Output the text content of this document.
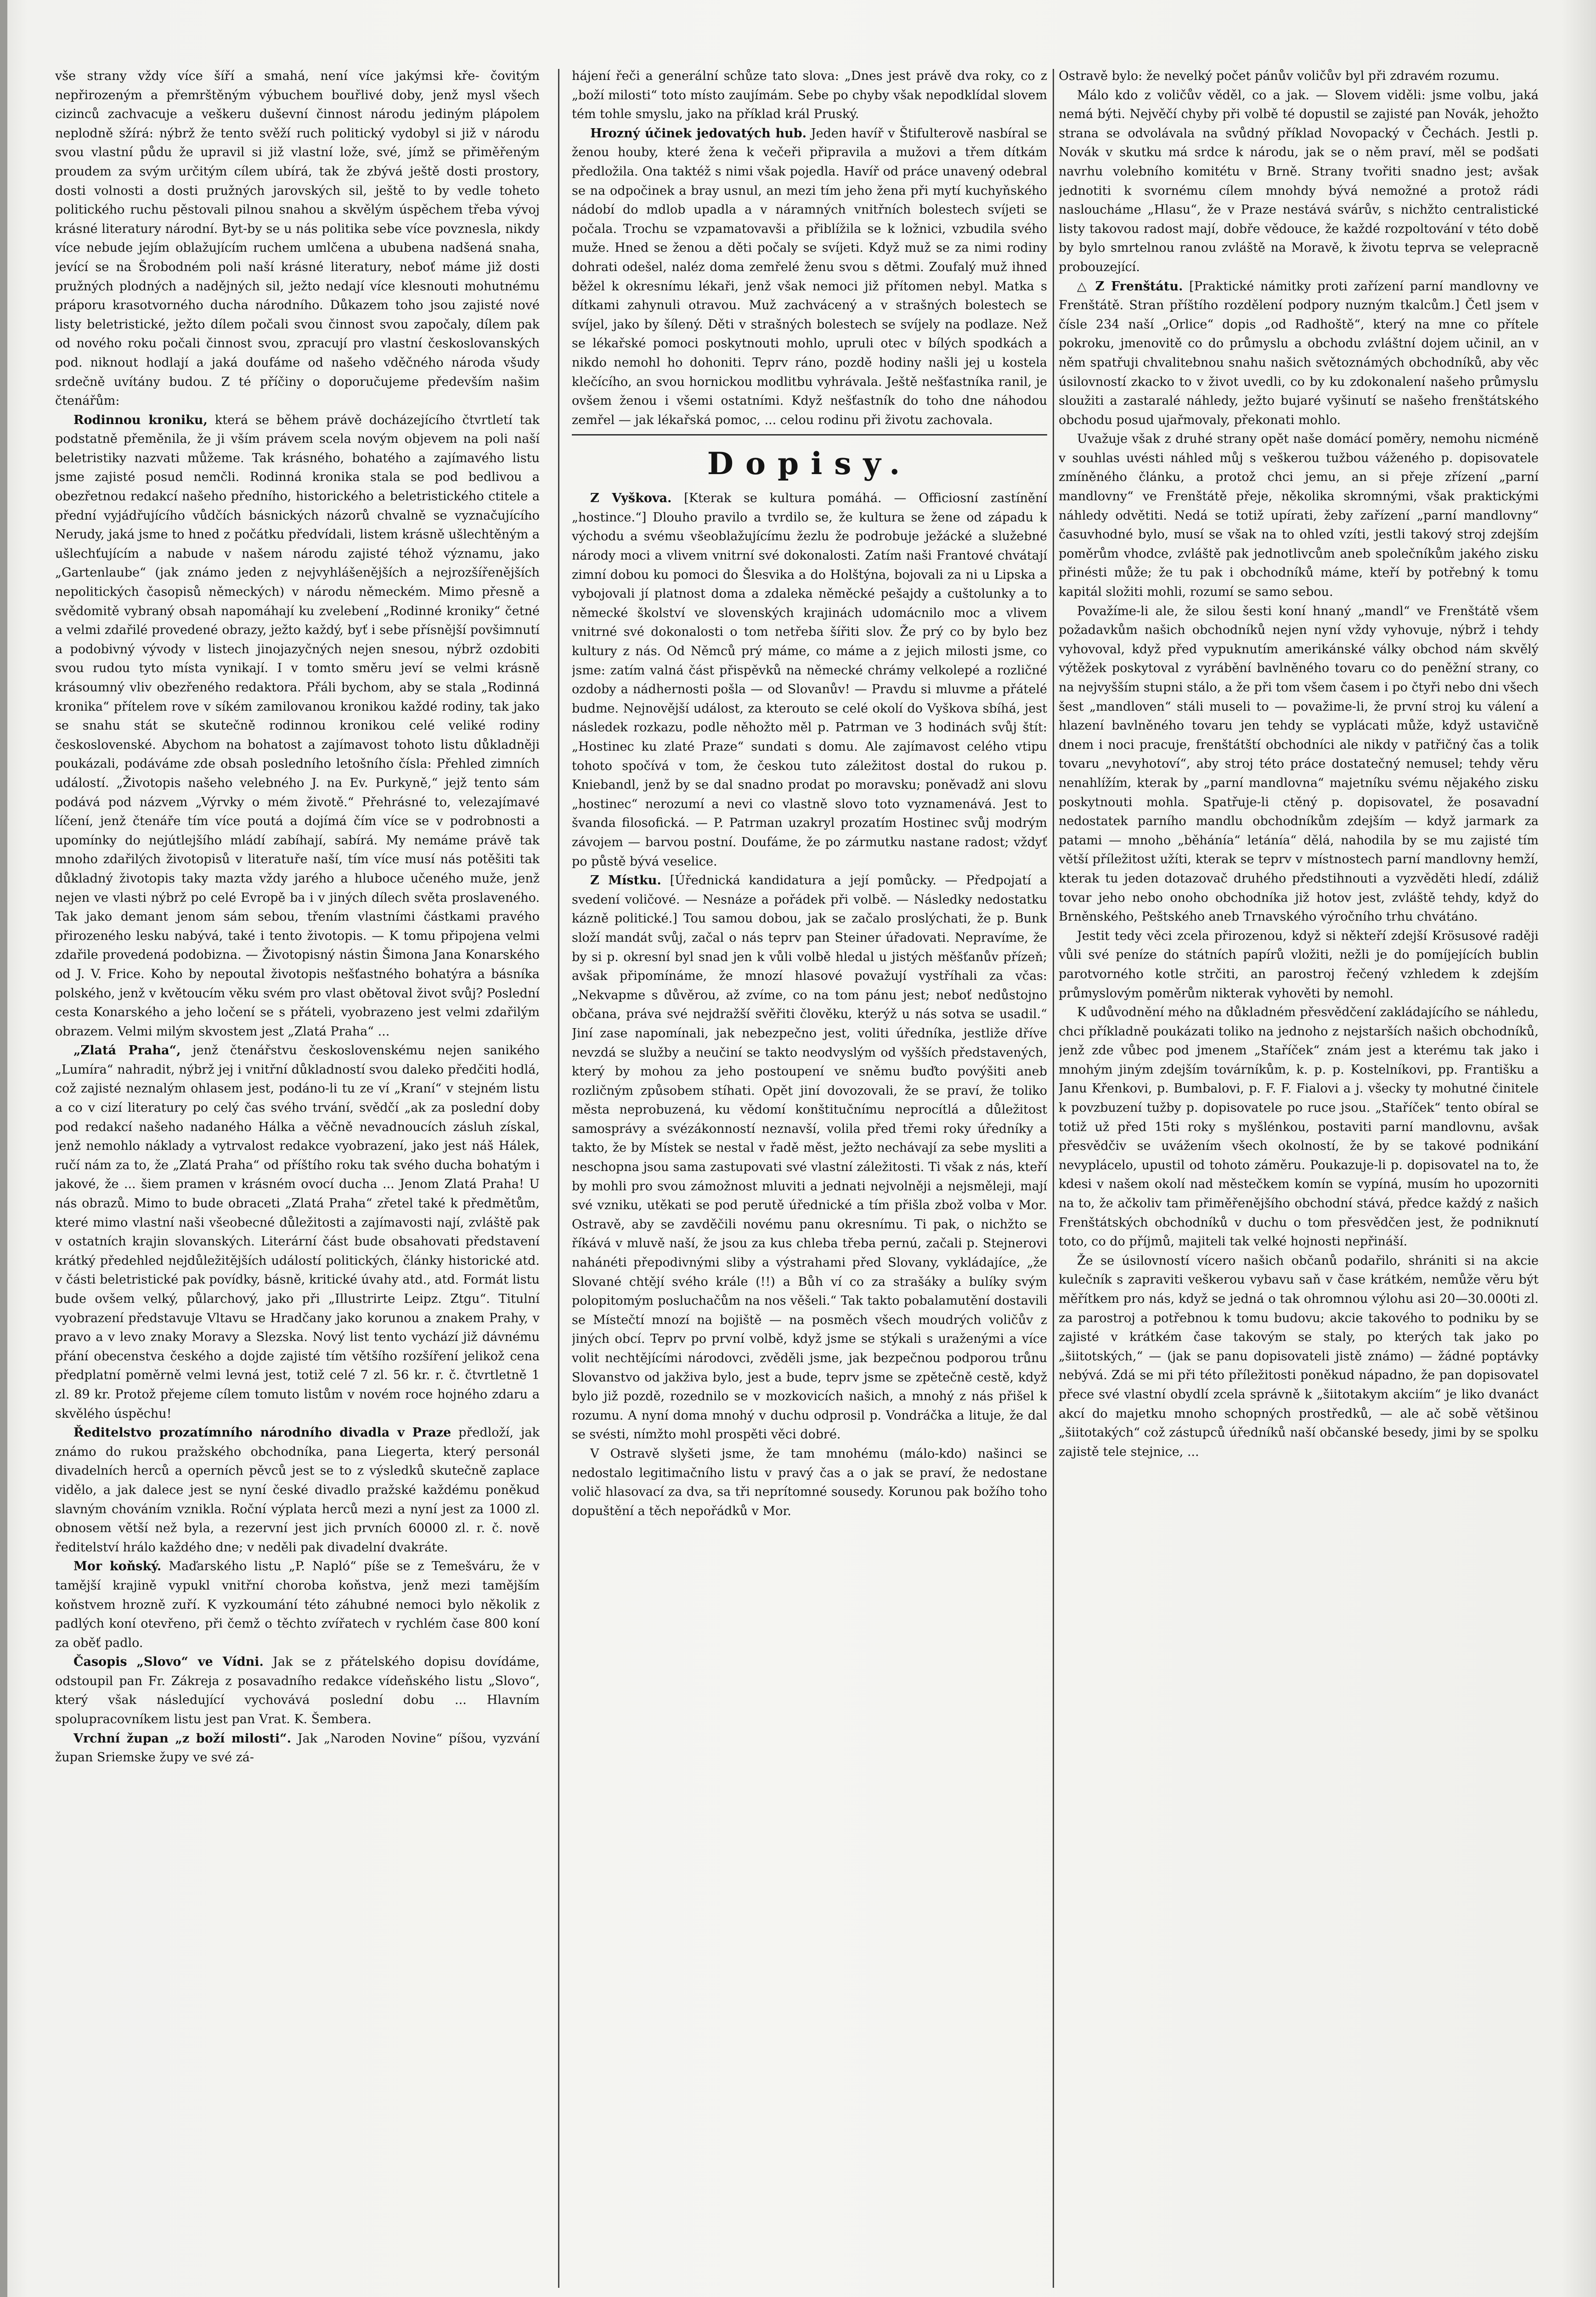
vše strany vždy více šíří a smahá, není více jakýmsi kře‑ čovitým nepřirozeným a přemrštěným výbuchem bouřlivé doby, jenž mysl všech cizinců zachvacuje a veškeru duševní činnost národu jediným plápolem neplodně sžírá: nýbrž že tento svěží ruch politický vydobyl si již v národu svou vlastní půdu že upravil si již vlastní lože, své, jímž se přiměřeným proudem za svým určitým cílem ubírá, tak že zbývá ještě dosti prostory, dosti volnosti a dosti pružných jarovských sil, ještě to by vedle toheto politického ruchu pěstovali pilnou snahou a skvělým úspěchem třeba vývoj krásné literatury národní. Byt-by se u nás politika sebe více povznesla, nikdy více nebude jejím oblažujícím ruchem umlčena a ububena nadšená snaha, jevící se na Šrobodném poli naší krásné literatury, neboť máme již dosti pružných plodných a nadějných sil, ježto nedají více klesnouti mohutnému práporu krasotvorného ducha národního. Důkazem toho jsou zajisté nové listy beletristické, ježto dílem počali svou činnost svou započaly, dílem pak od nového roku počali činnost svou, zpracují pro vlastní českoslovanských pod. niknout hodlají a jaká doufáme od našeho vděčného národa všudy srdečně uvítány budou. Z té příčiny o doporučujeme především našim čtenářům:

Rodinnou kroniku, která se během právě docházejícího čtvrtletí tak podstatně přeměnila, že ji vším právem scela novým objevem na poli naší beletristiky nazvati můžeme. Tak krásného, bohatého a zajímavého listu jsme zajisté posud nemčli. Rodinná kronika stala se pod bedlivou a obezřetnou redakcí našeho předního, historického a beletristického ctitele a přední vyjádřujícího vůdčích básnických názorů chvalně se vyznačujícího Nerudy, jaká jsme to hned z počátku předvídali, listem krásně ušlechtěným a ušlechťujícím a nabude v našem národu zajisté téhož významu, jako „Gartenlaube“ (jak známo jeden z nejvyhlášenějších a nejrozšířenějších nepolitických časopisů německých) v národu německém. Mimo přesně a svědomitě vybraný obsah napomáhají ku zvelebení „Rodinné kroniky“ četné a velmi zdařilé provedené obrazy, ježto každý, byť i sebe přísnější povšimnutí a podobivný vývody v listech jinojazyčných nejen snesou, nýbrž ozdobiti svou rudou tyto místa vynikají. I v tomto směru jeví se velmi krásně krásoumný vliv obezřeného redaktora. Přáli bychom, aby se stala „Rodinná kronika“ přítelem rove v síkém zamilovanou kronikou každé rodiny, tak jako se snahu stát se skutečně rodinnou kronikou celé veliké rodiny československé. Abychom na bohatost a zajímavost tohoto listu důkladněji poukázali, podáváme zde obsah posledního letošního čísla: Přehled zimních událostí. „Životopis našeho velebného J. na Ev. Purkyně,“ jejž tento sám podává pod názvem „Výrvky o mém životě.“ Přehrásné to, velezajímavé líčení, jenž čtenáře tím více poutá a dojímá čím více se v podrobnosti a upomínky do nejútlejšího mládí zabíhají, sabírá. My nemáme právě tak mnoho zdařilých životopisů v literatuře naší, tím více musí nás potěšiti tak důkladný životopis taky mazta vždy jarého a hluboce učeného muže, jenž nejen ve vlasti nýbrž po celé Evropě ba i v jiných dílech světa proslaveného. Tak jako demant jenom sám sebou, třením vlastními částkami pravého přirozeného lesku nabývá, také i tento životopis. — K tomu připojena velmi zdařile provedená podobizna. — Životopisný nástin Šimona Jana Konarského od J. V. Frice. Koho by nepoutal životopis nešťastného bohatýra a básníka polského, jenž v květoucím věku svém pro vlast obětoval život svůj? Poslední cesta Konarského a jeho ločení se s přáteli, vyobrazeno jest velmi zdařilým obrazem. Velmi milým skvostem jest „Zlatá Praha“ ...

„Zlatá Praha“, jenž čtenářstvu československému nejen sanikého „Lumíra“ nahradit, nýbrž jej i vnitřní důkladností svou daleko předčiti hodlá, což zajisté neznalým ohlasem jest, podáno-li tu ze ví „Kraní“ v stejném listu a co v cizí literatury po celý čas svého trvání, svědčí „ak za poslední doby pod redakcí našeho nadaného Hálka a věčně nevadnoucích zásluh získal, jenž nemohlo náklady a vytrvalost redakce vyobrazení, jako jest náš Hálek, ručí nám za to, že „Zlatá Praha“ od příštího roku tak svého ducha bohatým i jakové, že ... šiem pramen v krásném ovocí ducha ... Jenom Zlatá Praha! U nás obrazů. Mimo to bude obraceti „Zlatá Praha“ zřetel také k předmětům, které mimo vlastní naši všeobecné důležitosti a zajímavosti nají, zvláště pak v ostatních krajin slovanských. Literární část bude obsahovati představení krátký předehled nejdůležitějších událostí politických, články historické atd. v části beletristické pak povídky, básně, kritické úvahy atd., atd. Formát listu bude ovšem velký, půlarchový, jako při „Illustrirte Leipz. Ztgu“. Titulní vyobrazení představuje Vltavu se Hradčany jako korunou a znakem Prahy, v pravo a v levo znaky Moravy a Slezska. Nový list tento vychází již dávnému přání obecenstva českého a dojde zajisté tím většího rozšíření jelikož cena předplatní poměrně velmi levná jest, totiž celé 7 zl. 56 kr. r. č. čtvrtletně 1 zl. 89 kr. Protož přejeme cílem tomuto listům v novém roce hojného zdaru a skvělého úspěchu!

Ředitelstvo prozatímního národního divadla v Praze předloží, jak známo do rukou pražského obchodníka, pana Liegerta, který personál divadelních herců a operních pěvců jest se to z výsledků skutečně zaplace vidělo, a jak dalece jest se nyní české divadlo pražské každému poněkud slavným chováním vznikla. Roční výplata herců mezi a nyní jest za 1000 zl. obnosem větší než byla, a rezervní jest jich prvních 60000 zl. r. č. nově ředitelství hrálo každého dne; v neděli pak divadelní dvakráte.

Mor koňský. Maďarského listu „P. Napló“ píše se z Temešváru, že v tamější krajině vypukl vnitřní choroba koňstva, jenž mezi tamějším koňstvem hrozně zuří. K vyzkoumání této záhubné nemoci bylo několik z padlých koní otevřeno, při čemž o těchto zvířatech v rychlém čase 800 koní za oběť padlo.

Časopis „Slovo“ ve Vídni. Jak se z přátelského dopisu dovídáme, odstoupil pan Fr. Zákreja z posavadního redakce vídeňského listu „Slovo“, který však následující vychovává poslední dobu ... Hlavním spolupracovníkem listu jest pan Vrat. K. Šembera.

Vrchní župan „z boží milosti“. Jak „Naroden Novine“ píšou, vyzvání župan Sriemske župy ve své zá‑

hájení řeči a generální schůze tato slova: „Dnes jest právě dva roky, co z „boží milosti“ toto místo zaujímám. Sebe po chyby však nepodklídal slovem tém tohle smyslu, jako na příklad král Pruský.

Hrozný účinek jedovatých hub. Jeden havíř v Štifulterově nasbíral se ženou houby, které žena k večeři připravila a mužovi a třem dítkám předložila. Ona taktéž s nimi však pojedla. Havíř od práce unavený odebral se na odpočinek a bray usnul, an mezi tím jeho žena při mytí kuchyňského nádobí do mdlob upadla a v náramných vnitřních bolestech svíjeti se počala. Trochu se vzpamatovavši a přiblížila se k ložnici, vzbudila svého muže. Hned se ženou a děti počaly se svíjeti. Když muž se za nimi rodiny dohrati odešel, naléz doma zemřelé ženu svou s dětmi. Zoufalý muž ihned běžel k okresnímu lékaři, jenž však nemoci již přítomen nebyl. Matka s dítkami zahynuli otravou. Muž zachvácený a v strašných bolestech se svíjel, jako by šílený. Děti v strašných bolestech se svíjely na podlaze. Než se lékařské pomoci poskytnouti mohlo, upruli otec v bílých spodkách a nikdo nemohl ho dohoniti. Teprv ráno, pozdě hodiny našli jej u kostela klečícího, an svou hornickou modlitbu vyhrávala. Ještě nešťastníka ranil, je ovšem ženou i všemi ostatními. Když nešťastník do toho dne náhodou zemřel — jak lékařská pomoc, ... celou rodinu při životu zachovala.

Dopisy.

Z Vyškova. [Kterak se kultura pomáhá. — Officiosní zastínění „hostince.“] Dlouho pravilo a tvrdilo se, že kultura se žene od západu k východu a svému všeoblažujícímu žezlu že podrobuje ježácké a služebné národy moci a vlivem vnitrní své dokonalosti. Zatím naši Frantové chvátají zimní dobou ku pomoci do Šlesvika a do Holštýna, bojovali za ni u Lipska a vybojovali jí platnost doma a zdaleka něměcké pešajdy a cuštolunky a to německé školství ve slovenských krajinách udomácnilo moc a vlivem vnitrné své dokonalosti o tom netřeba šířiti slov. Že prý co by bylo bez kultury z nás. Od Němců prý máme, co máme a z jejich milosti jsme, co jsme: zatím valná část přispěvků na německé chrámy velkolepé a rozličné ozdoby a nádhernosti pošla — od Slovanův! — Pravdu si mluvme a přátelé budme. Nejnovější událost, za kterouto se celé okolí do Vyškova sbíhá, jest následek rozkazu, podle něhožto měl p. Patrman ve 3 hodinách svůj štít: „Hostinec ku zlaté Praze“ sundati s domu. Ale zajímavost celého vtipu tohoto spočívá v tom, že českou tuto záležitost dostal do rukou p. Kniebandl, jenž by se dal snadno prodat po moravsku; poněvadž ani slovu „hostinec“ nerozumí a nevi co vlastně slovo toto vyznamenává. Jest to švanda filosofická. — P. Patrman uzakryl prozatím Hostinec svůj modrým závojem — barvou postní. Doufáme, že po zármutku nastane radost; vždyť po půstě bývá veselice.

Z Místku. [Úřednická kandidatura a její pomůcky. — Předpojatí a svedení voličové. — Nesnáze a pořádek při volbě. — Následky nedostatku kázně politické.] Tou samou dobou, jak se začalo proslýchati, že p. Bunk složí mandát svůj, začal o nás teprv pan Steiner úřadovati. Nepravíme, že by si p. okresní byl snad jen k vůli volbě hledal u jistých měšťanův přízeň; avšak připomínáme, že mnozí hlasové považují vystříhali za včas: „Nekvapme s důvěrou, až zvíme, co na tom pánu jest; neboť nedůstojno občana, práva své nejdražší svěřiti člověku, kterýž u nás sotva se usadil.“ Jiní zase napomínali, jak nebezpečno jest, voliti úředníka, jestliže dříve nevzdá se služby a neučiní se takto neodvyslým od vyšších představených, který by mohou za jeho postoupení ve sněmu buďto povýšiti aneb rozličným způsobem stíhati. Opět jiní dovozovali, že se praví, že toliko města neprobuzená, ku vědomí konštitučnímu neprocítlá a důležitost samosprávy a svézákonností neznavší, volila před třemi roky úředníky a takto, že by Místek se nestal v řadě měst, ježto nechávají za sebe mysliti a neschopna jsou sama zastupovati své vlastní záležitosti. Ti však z nás, kteří by mohli pro svou zámožnost mluviti a jednati nejvolněji a nejsměleji, mají své vzniku, utěkati se pod perutě úřednické a tím přišla zbož volba v Mor. Ostravě, aby se zavděčili novému panu okresnímu. Ti pak, o nichžto se říkává v mluvě naší, že jsou za kus chleba třeba pernú, začali p. Stejnerovi nahánéti přepodivnými sliby a výstrahami před Slovany, vykládajíce, „že Slované chtějí svého krále (!!) a Bůh ví co za strašáky a bulíky svým polopitomým posluchačům na nos věšeli.“ Tak takto pobalamutění dostavili se Místečtí mnozí na bojiště — na posměch všech moudrých voličův z jiných obcí. Teprv po první volbě, když jsme se stýkali s uraženými a více volit nechtějícími národovci, zvěděli jsme, jak bezpečnou podporou trůnu Slovanstvo od jakživa bylo, jest a bude, teprv jsme se zpětečně cestě, když bylo již pozdě, rozednilo se v mozkovicích našich, a mnohý z nás přišel k rozumu. A nyní doma mnohý v duchu odprosil p. Vondráčka a lituje, že dal se svésti, nímžto mohl prospěti věci dobré.

V Ostravě slyšeti jsme, že tam mnohému (málo-kdo) našinci se nedostalo legitimačního listu v pravý čas a o jak se praví, že nedostane volič hlasovací za dva, sa tři neprítomné sousedy. Korunou pak božího toho dopuštění a těch nepořádků v Mor.

Ostravě bylo: že nevelký počet pánův voličův byl při zdravém rozumu.

Málo kdo z voličův věděl, co a jak. — Slovem viděli: jsme volbu, jaká nemá býti. Nejvěčí chyby při volbě té dopustil se zajisté pan Novák, jehožto strana se odvolávala na svůdný příklad Novopacký v Čechách. Jestli p. Novák v skutku má srdce k národu, jak se o něm praví, měl se podšati navrhu volebního komitétu v Brně. Strany tvořiti snadno jest; avšak jednotiti k svornému cílem mnohdy bývá nemožné a protož rádi nasloucháme „Hlasu“, že v Praze nestává svárův, s nichžto centralistické listy takovou radost mají, dobře vědouce, že každé rozpoltování v této době by bylo smrtelnou ranou zvláště na Moravě, k životu teprva se velepracně probouzející.

△ Z Frenštátu. [Praktické námitky proti zařízení parní mandlovny ve Frenštátě. Stran příštího rozdělení podpory nuzným tkalcům.] Četl jsem v čísle 234 naší „Orlice“ dopis „od Radhoště“, který na mne co přítele pokroku, jmenovitě co do průmyslu a obchodu zvláštní dojem učinil, an v něm spatřuji chvalitebnou snahu našich světoznámých obchodníků, aby věc úsilovností zkacko to v život uvedli, co by ku zdokonalení našeho průmyslu sloužiti a zastaralé náhledy, ježto bujaré vyšinutí se našeho frenštátského obchodu posud ujařmovaly, překonati mohlo.

Uvažuje však z druhé strany opět naše domácí poměry, nemohu nicméně v souhlas uvésti náhled můj s veškerou tužbou váženého p. dopisovatele zmíněného článku, a protož chci jemu, an si přeje zřízení „parní mandlovny“ ve Frenštátě přeje, několika skromnými, však praktickými náhledy odvětiti. Nedá se totiž upírati, žeby zařízení „parní mandlovny“ časuvhodné bylo, musí se však na to ohled vzíti, jestli takový stroj zdejším poměrům vhodce, zvláště pak jednotlivcům aneb společníkům jakého zisku přinésti může; že tu pak i obchodníků máme, kteří by potřebný k tomu kapitál složiti mohli, rozumí se samo sebou.

Považíme-li ale, že silou šesti koní hnaný „mandl“ ve Frenštátě všem požadavkům našich obchodníků nejen nyní vždy vyhovuje, nýbrž i tehdy vyhovoval, když před vypuknutím amerikánské války obchod nám skvělý výtěžek poskytoval z vyrábění bavlněného tovaru co do peněžní strany, co na nejvyšším stupni stálo, a že při tom všem časem i po čtyři nebo dni všech šest „mandloven“ stáli museli to — považime-li, že první stroj ku válení a hlazení bavlněného tovaru jen tehdy se vyplácati může, když ustavičně dnem i noci pracuje, frenštátští obchodníci ale nikdy v patřičný čas a tolik tovaru „nevyhotoví“, aby stroj této práce dostatečný nemusel; tehdy věru nenahlížím, kterak by „parní mandlovna“ majetníku svému nějakého zisku poskytnouti mohla. Spatřuje-li ctěný p. dopisovatel, že posavadní nedostatek parního mandlu obchodníkům zdejším — když jarmark za patami — mnoho „běhánía“ letánía“ dělá, nahodila by se mu zajisté tím větší příležitost užíti, kterak se teprv v místnostech parní mandlovny hemží, kterak tu jeden dotazovač druhého předstihnouti a vyzvěděti hledí, zdáliž tovar jeho nebo onoho obchodníka již hotov jest, zvláště tehdy, když do Brněnského, Peštského aneb Trnavského výročního trhu chvátáno.

Jestit tedy věci zcela přirozenou, když si někteří zdejší Krösusové raději vůli své peníze do státních papírů vložiti, nežli je do pomíjejících bublin parotvorného kotle strčiti, an parostroj řečený vzhledem k zdejším průmyslovým poměrům nikterak vyhověti by nemohl.

K udůvodnění mého na důkladném přesvědčení zakládajícího se náhledu, chci příkladně poukázati toliko na jednoho z nejstarších našich obchodníků, jenž zde vůbec pod jmenem „Staříček“ znám jest a kterému tak jako i mnohým jiným zdejším továrníkům, k. p. p. Kostelníkovi, pp. Františku a Janu Křenkovi, p. Bumbalovi, p. F. F. Fialovi a j. všecky ty mohutné činitele k povzbuzení tužby p. dopisovatele po ruce jsou. „Staříček“ tento obíral se totiž už před 15ti roky s myšlénkou, postaviti parní mandlovnu, avšak přesvědčiv se uvážením všech okolností, že by se takové podnikání nevyplácelo, upustil od tohoto záměru. Poukazuje-li p. dopisovatel na to, že kdesi v našem okolí nad městečkem komín se vypíná, musím ho upozorniti na to, že ačkoliv tam přiměřenějšího obchodní stává, předce každý z našich Frenštátských obchodníků v duchu o tom přesvědčen jest, že podniknutí toto, co do příjmů, majiteli tak velké hojnosti nepřináší.

Že se úsilovností vícero našich občanů podařilo, shrániti si na akcie kulečník s zapraviti veškerou vybavu saň v čase krátkém, nemůže věru být měřítkem pro nás, když se jedná o tak ohromnou výlohu asi 20—30.000ti zl. za parostroj a potřebnou k tomu budovu; akcie takového to podniku by se zajisté v krátkém čase takovým se staly, po kterých tak jako po „šiitotských,“ — (jak se panu dopisovateli jistě známo) — žádné poptávky nebývá. Zdá se mi při této příležitosti poněkud nápadno, že pan dopisovatel přece své vlastní obydlí zcela správně k „šiitotakym akciím“ je liko dvanáct akcí do majetku mnoho schopných prostředků, — ale ač sobě většinou „šiitotakých“ což zástupců úředníků naší občanské besedy, jimi by se spolku zajistě tele stejnice, ...
